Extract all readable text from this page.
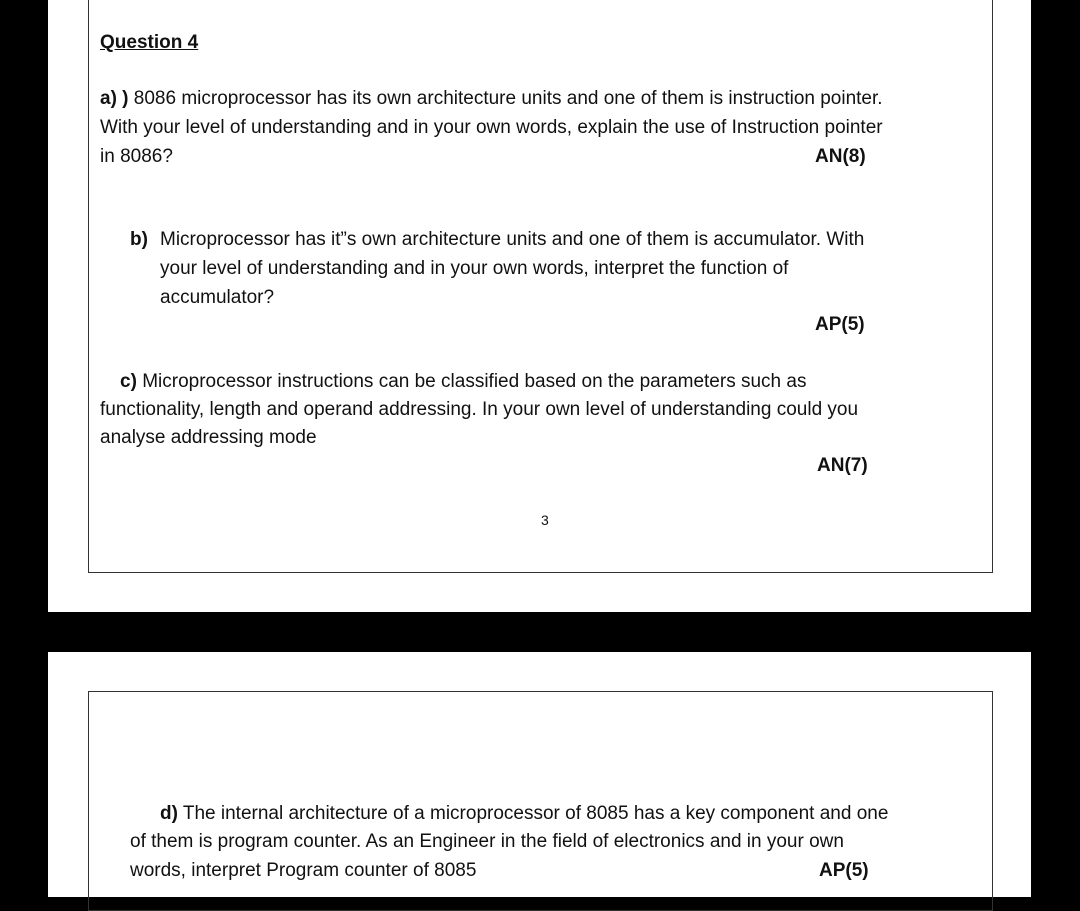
Question 4
a) ) 8086 microprocessor has its own architecture units and one of them is instruction pointer.
With your level of understanding and in your own words, explain the use of Instruction pointer
in 8086?	AN(8)
b) Microprocessor has it”s own architecture units and one of them is accumulator. With
your level of understanding and in your own words, interpret the function of
accumulator?
AP(5)
c) Microprocessor instructions can be classified based on the parameters such as
functionality, length and operand addressing. In your own level of understanding could you
analyse addressing mode
AN(7)
3
d) The internal architecture of a microprocessor of 8085 has a key component and one
of them is program counter. As an Engineer in the field of electronics and in your own
words, interpret Program counter of 8085	AP(5)
